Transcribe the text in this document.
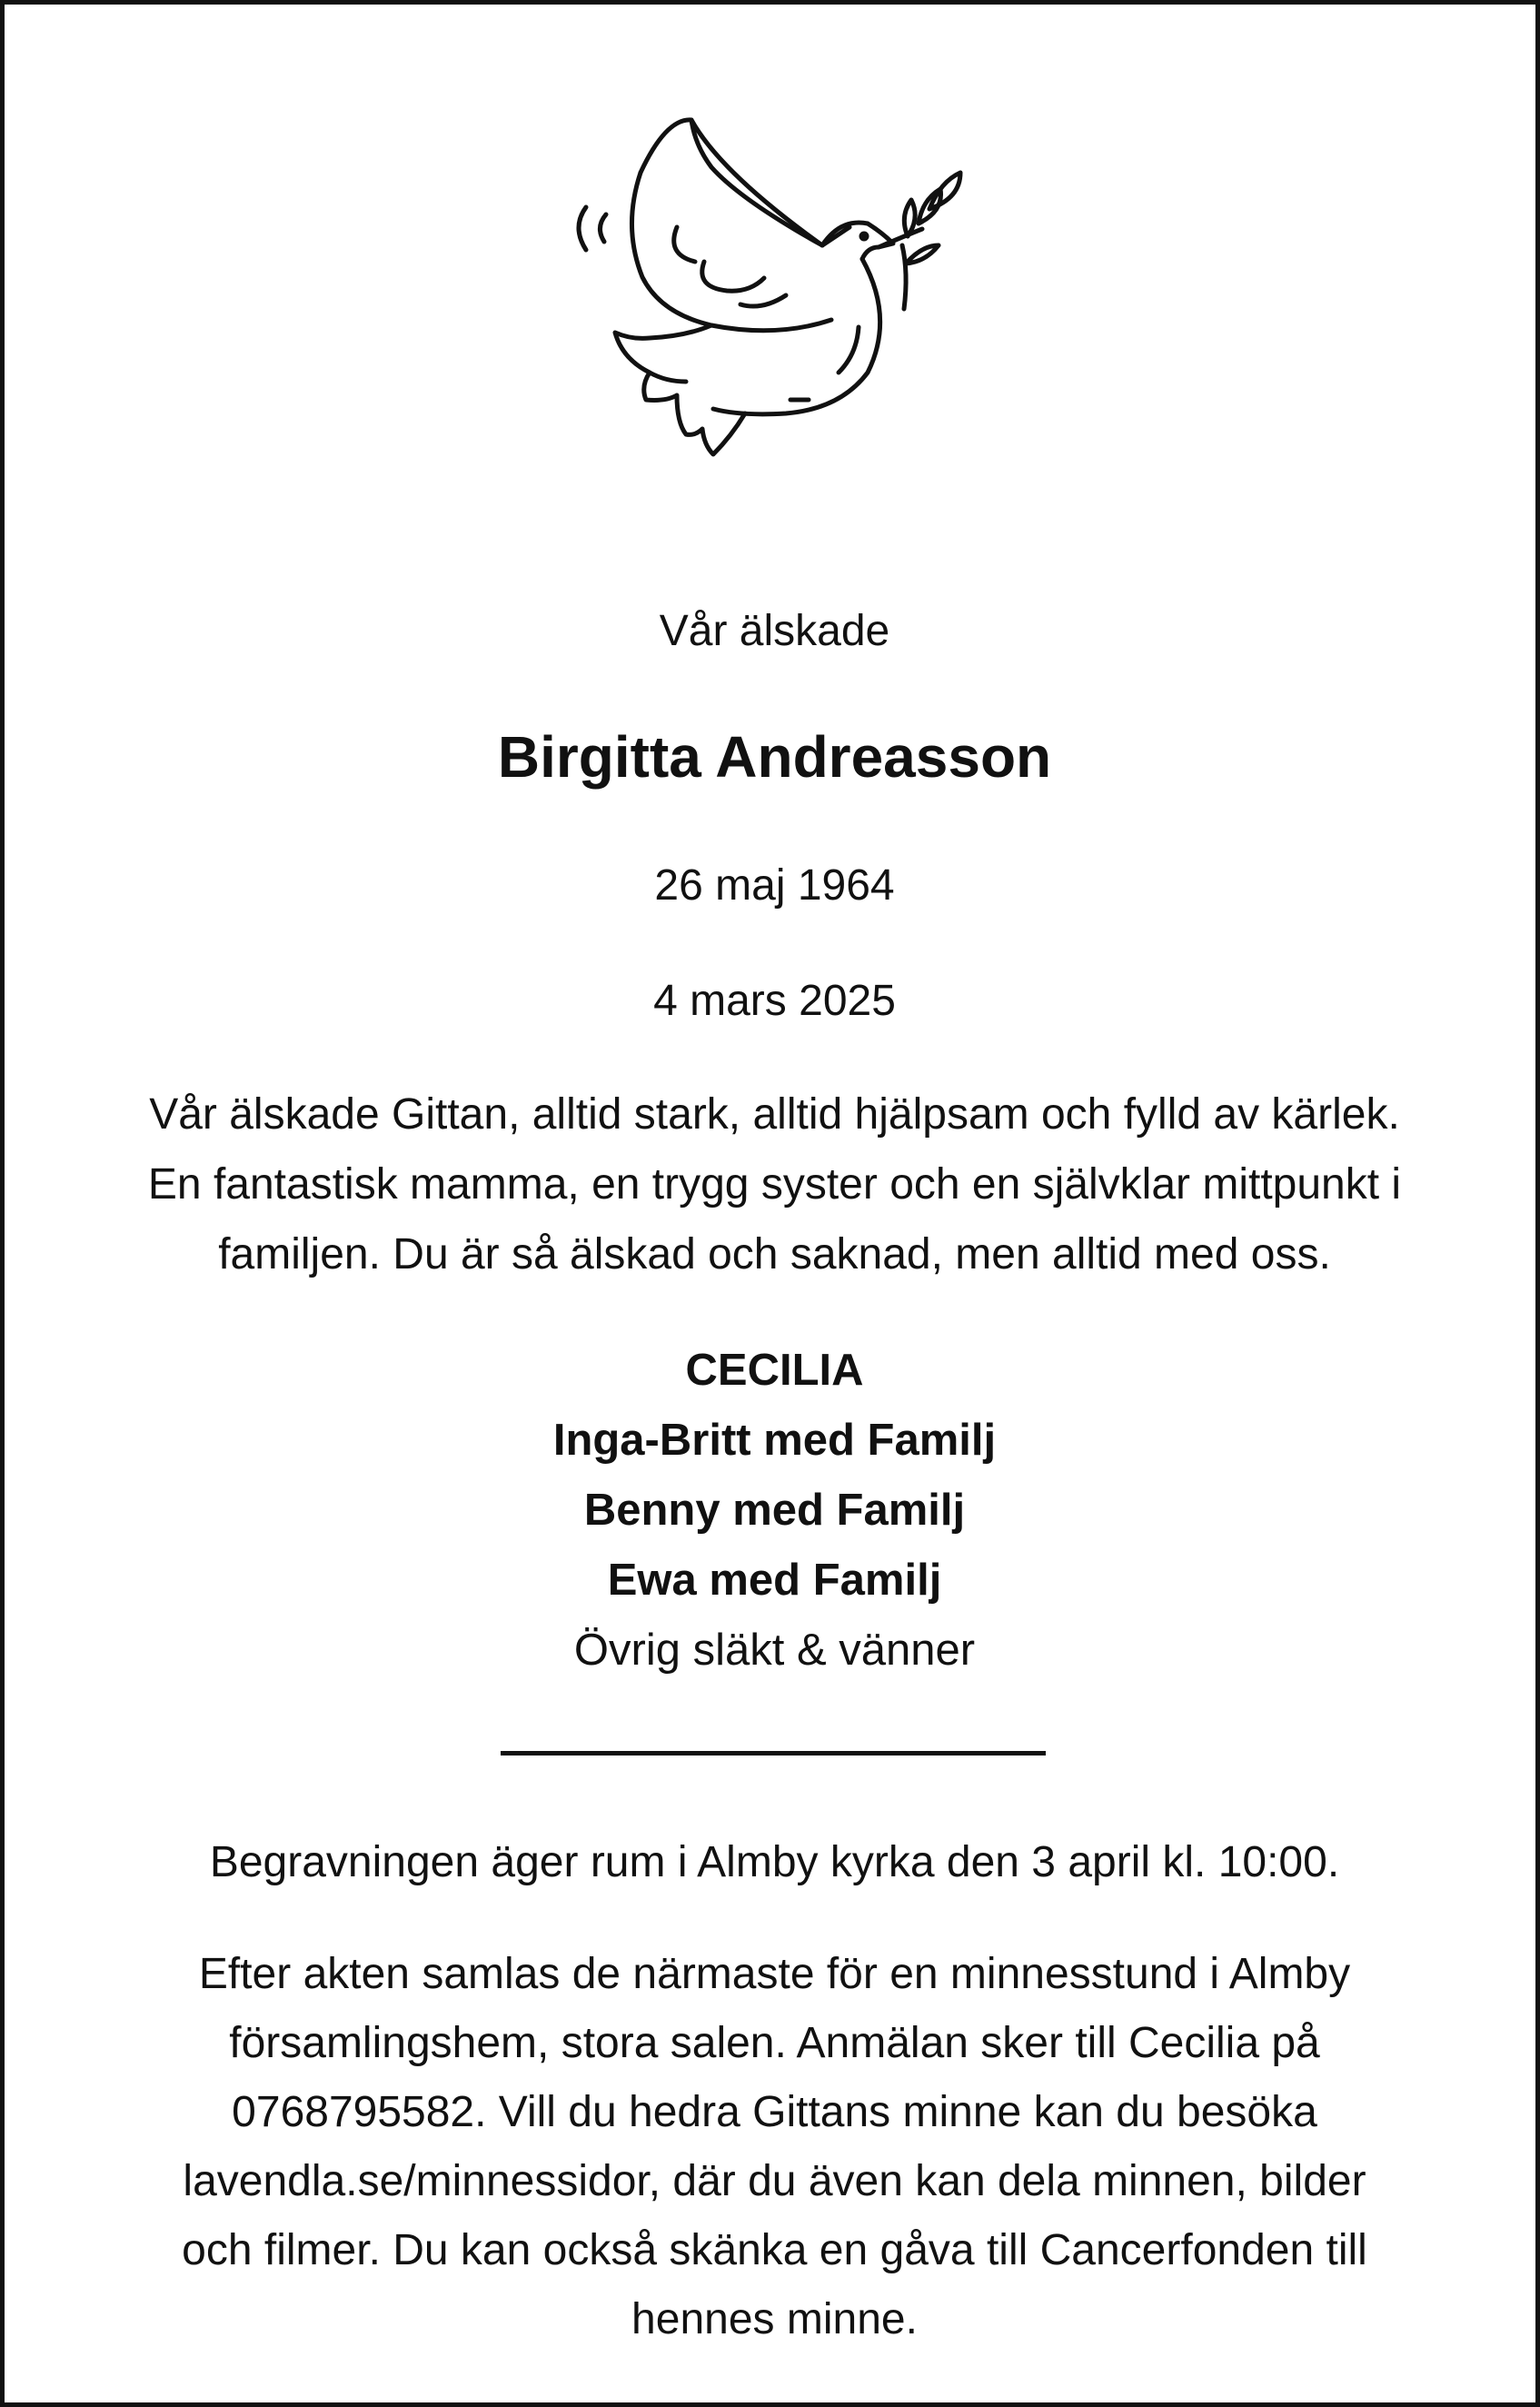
Vår älskade
Birgitta Andreasson
26 maj 1964
4 mars 2025
Vår älskade Gittan, alltid stark, alltid hjälpsam och fylld av kärlek.
En fantastisk mamma, en trygg syster och en självklar mittpunkt i
familjen. Du är så älskad och saknad, men alltid med oss.
CECILIA
Inga-Britt med Familj
Benny med Familj
Ewa med Familj
Övrig släkt & vänner
Begravningen äger rum i Almby kyrka den 3 april kl. 10:00.
Efter akten samlas de närmaste för en minnesstund i Almby
församlingshem, stora salen. Anmälan sker till Cecilia på
0768795582. Vill du hedra Gittans minne kan du besöka
lavendla.se/minnessidor, där du även kan dela minnen, bilder
och filmer. Du kan också skänka en gåva till Cancerfonden till
hennes minne.
